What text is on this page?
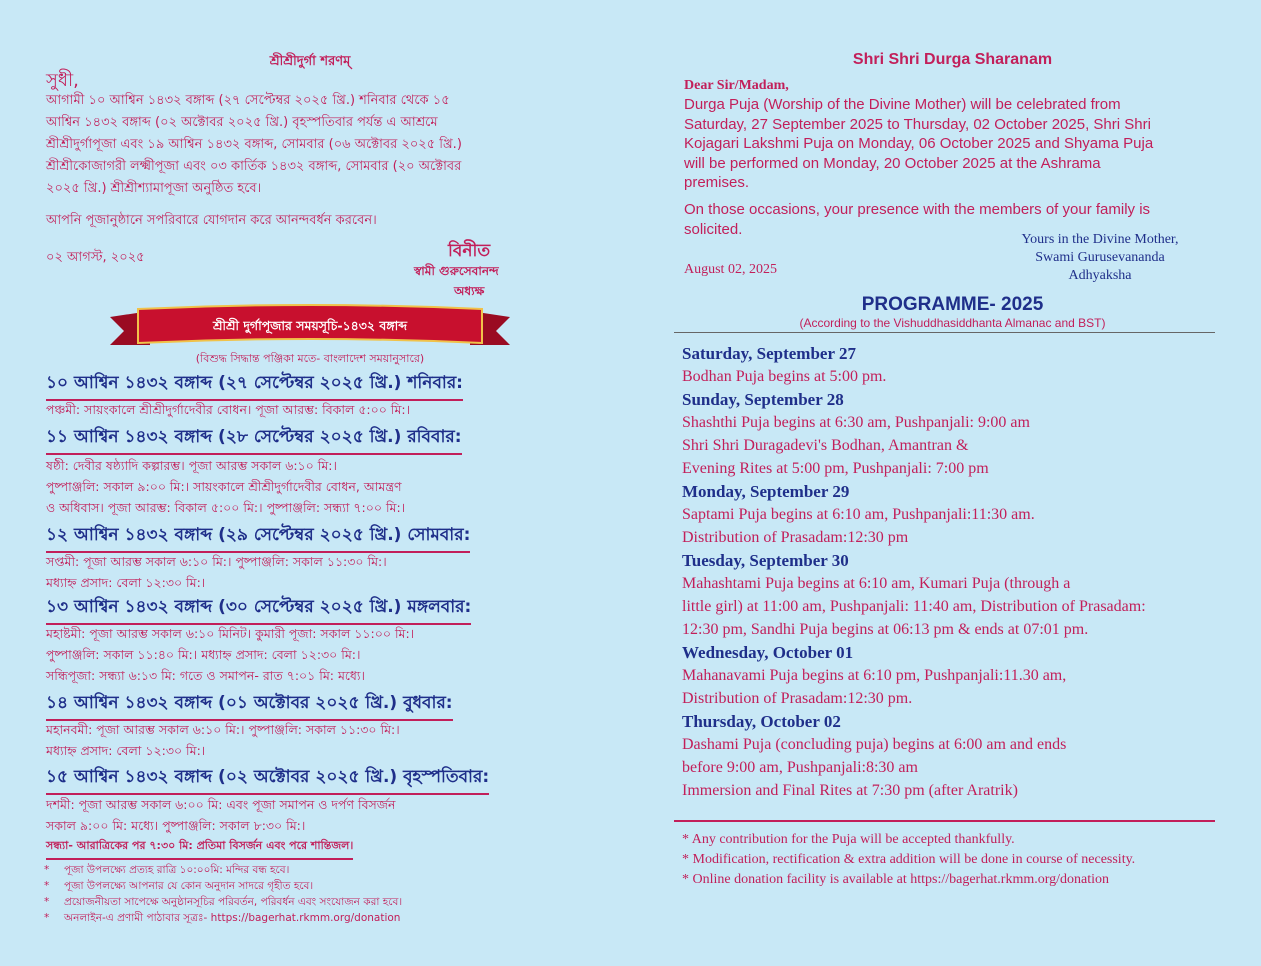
শ্রীশ্রীদুর্গা শরণম্
সুধী,
আগামী ১০ আশ্বিন ১৪৩২ বঙ্গাব্দ (২৭ সেপ্টেম্বর ২০২৫ খ্রি.) শনিবার থেকে ১৫
আশ্বিন ১৪৩২ বঙ্গাব্দ (০২ অক্টোবর ২০২৫ খ্রি.) বৃহস্পতিবার পর্যন্ত এ আশ্রমে
শ্রীশ্রীদুর্গাপূজা এবং ১৯ আশ্বিন ১৪৩২ বঙ্গাব্দ, সোমবার (০৬ অক্টোবর ২০২৫ খ্রি.)
শ্রীশ্রীকোজাগরী লক্ষ্মীপূজা এবং ০৩ কার্তিক ১৪৩২ বঙ্গাব্দ, সোমবার (২০ অক্টোবর
২০২৫ খ্রি.) শ্রীশ্রীশ্যামাপূজা অনুষ্ঠিত হবে।
আপনি পূজানুষ্ঠানে সপরিবারে যোগদান করে আনন্দবর্ধন করবেন।
০২ আগস্ট, ২০২৫	বিনীত
স্বামী গুরুসেবানন্দ
অধ্যক্ষ
শ্রীশ্রী দুর্গাপূজার সময়সূচি-১৪৩২ বঙ্গাব্দ
(বিশুদ্ধ সিদ্ধান্ত পঞ্জিকা মতে- বাংলাদেশ সময়ানুসারে)
১০ আশ্বিন ১৪৩২ বঙ্গাব্দ (২৭ সেপ্টেম্বর ২০২৫ খ্রি.) শনিবার:
পঞ্চমী: সায়ংকালে শ্রীশ্রীদুর্গাদেবীর বোধন। পূজা আরম্ভ: বিকাল ৫:০০ মি:।
১১ আশ্বিন ১৪৩২ বঙ্গাব্দ (২৮ সেপ্টেম্বর ২০২৫ খ্রি.) রবিবার:
ষষ্ঠী: দেবীর ষষ্ঠ্যাদি কল্পারম্ভ। পূজা আরম্ভ সকাল ৬:১০ মি:।
পুষ্পাঞ্জলি: সকাল ৯:০০ মি:। সায়ংকালে শ্রীশ্রীদুর্গাদেবীর বোধন, আমন্ত্রণ
ও অধিবাস। পূজা আরম্ভ: বিকাল ৫:০০ মি:। পুষ্পাঞ্জলি: সন্ধ্যা ৭:০০ মি:।
১২ আশ্বিন ১৪৩২ বঙ্গাব্দ (২৯ সেপ্টেম্বর ২০২৫ খ্রি.) সোমবার:
সপ্তমী: পূজা আরম্ভ সকাল ৬:১০ মি:। পুষ্পাঞ্জলি: সকাল ১১:৩০ মি:।
মধ্যাহ্ন প্রসাদ: বেলা ১২:৩০ মি:।
১৩ আশ্বিন ১৪৩২ বঙ্গাব্দ (৩০ সেপ্টেম্বর ২০২৫ খ্রি.) মঙ্গলবার:
মহাষ্টমী: পূজা আরম্ভ সকাল ৬:১০ মিনিট। কুমারী পূজা: সকাল ১১:০০ মি:।
পুষ্পাঞ্জলি: সকাল ১১:৪০ মি:। মধ্যাহ্ন প্রসাদ: বেলা ১২:৩০ মি:।
সন্ধিপূজা: সন্ধ্যা ৬:১৩ মি: গতে ও সমাপন- রাত ৭:০১ মি: মধ্যে।
১৪ আশ্বিন ১৪৩২ বঙ্গাব্দ (০১ অক্টোবর ২০২৫ খ্রি.) বুধবার:
মহানবমী: পূজা আরম্ভ সকাল ৬:১০ মি:। পুষ্পাঞ্জলি: সকাল ১১:৩০ মি:।
মধ্যাহ্ন প্রসাদ: বেলা ১২:৩০ মি:।
১৫ আশ্বিন ১৪৩২ বঙ্গাব্দ (০২ অক্টোবর ২০২৫ খ্রি.) বৃহস্পতিবার:
দশমী: পূজা আরম্ভ সকাল ৬:০০ মি: এবং পূজা সমাপন ও দর্পণ বিসর্জন
সকাল ৯:০০ মি: মধ্যে। পুষ্পাঞ্জলি: সকাল ৮:৩০ মি:।
সন্ধ্যা- আরাত্রিকের পর ৭:৩০ মি: প্রতিমা বিসর্জন এবং পরে শান্তিজল।
* পূজা উপলক্ষ্যে প্রত্যহ রাত্রি ১০:০০মি: মন্দির বন্ধ হবে।
* পূজা উপলক্ষ্যে আপনার যে কোন অনুদান সাদরে গৃহীত হবে।
* প্রয়োজনীয়তা সাপেক্ষে অনুষ্ঠানসূচির পরিবর্তন, পরিবর্ধন এবং সংযোজন করা হবে।
* অনলাইন-এ প্রণামী পাঠাবার সূত্রঃ- https://bagerhat.rkmm.org/donation
Shri Shri Durga Sharanam
Dear Sir/Madam,
Durga Puja (Worship of the Divine Mother) will be celebrated from
Saturday, 27 September 2025 to Thursday, 02 October 2025, Shri Shri
Kojagari Lakshmi Puja on Monday, 06 October 2025 and Shyama Puja
will be performed on Monday, 20 October 2025 at the Ashrama
premises.
On those occasions, your presence with the members of your family is
solicited.
Yours in the Divine Mother,
Swami Gurusevananda
Adhyaksha
August 02, 2025
PROGRAMME- 2025
(According to the Vishuddhasiddhanta Almanac and BST)
Saturday, September 27
Bodhan Puja begins at 5:00 pm.
Sunday, September 28
Shashthi Puja begins at 6:30 am, Pushpanjali: 9:00 am
Shri Shri Duragadevi's Bodhan, Amantran &
Evening Rites at 5:00 pm, Pushpanjali: 7:00 pm
Monday, September 29
Saptami Puja begins at 6:10 am, Pushpanjali:11:30 am.
Distribution of Prasadam:12:30 pm
Tuesday, September 30
Mahashtami Puja begins at 6:10 am, Kumari Puja (through a
little girl) at 11:00 am, Pushpanjali: 11:40 am, Distribution of Prasadam:
12:30 pm, Sandhi Puja begins at 06:13 pm & ends at 07:01 pm.
Wednesday, October 01
Mahanavami Puja begins at 6:10 pm, Pushpanjali:11.30 am,
Distribution of Prasadam:12:30 pm.
Thursday, October 02
Dashami Puja (concluding puja) begins at 6:00 am and ends
before 9:00 am, Pushpanjali:8:30 am
Immersion and Final Rites at 7:30 pm (after Aratrik)
* Any contribution for the Puja will be accepted thankfully.
* Modification, rectification & extra addition will be done in course of necessity.
* Online donation facility is available at https://bagerhat.rkmm.org/donation
